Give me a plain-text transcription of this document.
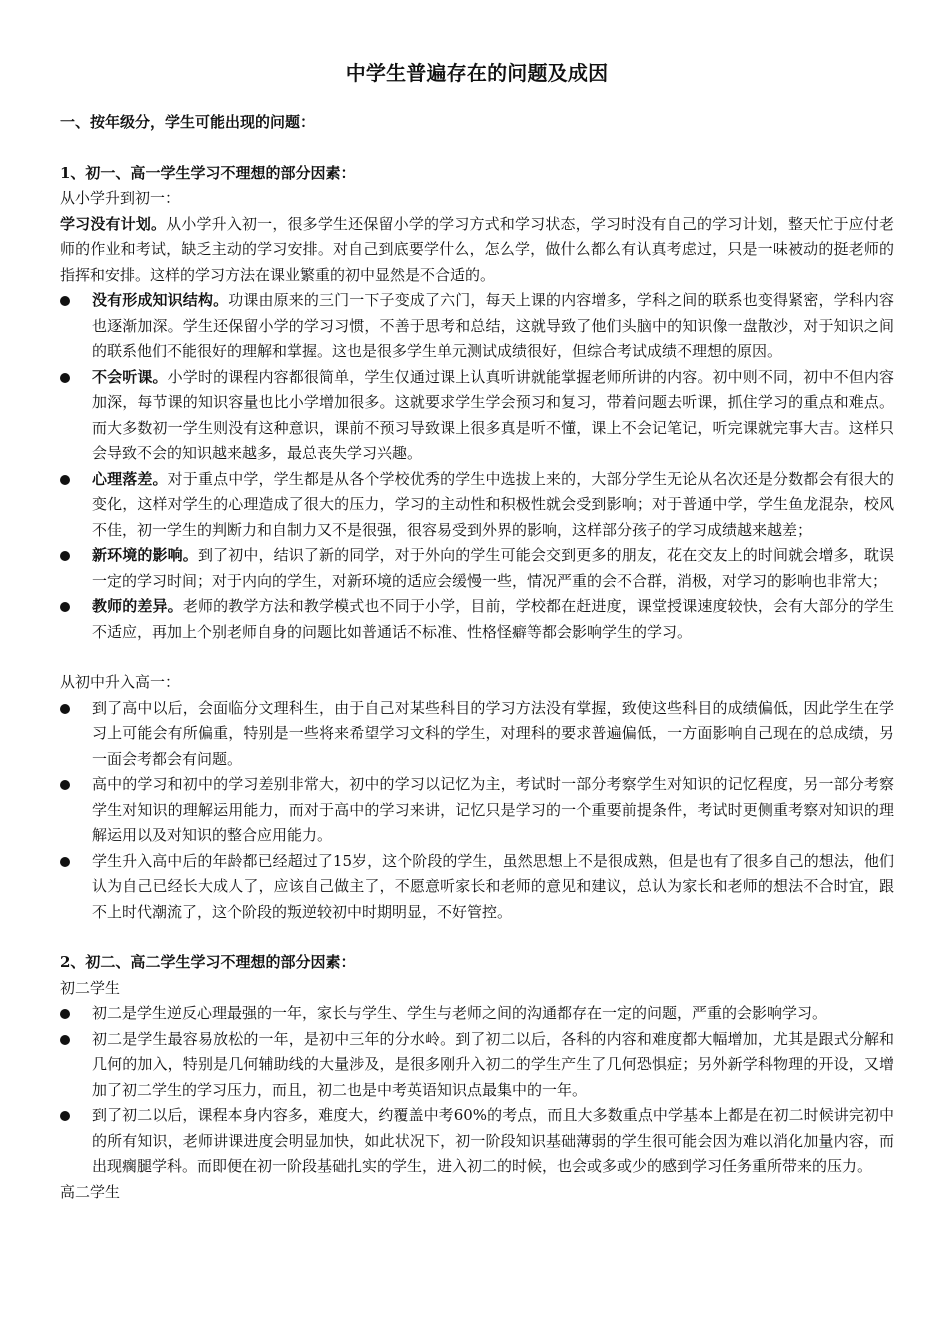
中学生普遍存在的问题及成因

一、按年级分，学生可能出现的问题：

1、初一、高一学生学习不理想的部分因素：

从小学升到初一：

学习没有计划。从小学升入初一，很多学生还保留小学的学习方式和学习状态，学习时没有自己的学习计划，整天忙于应付老师的作业和考试，缺乏主动的学习安排。对自己到底要学什么，怎么学，做什么都么有认真考虑过，只是一味被动的挺老师的指挥和安排。这样的学习方法在课业繁重的初中显然是不合适的。

没有形成知识结构。功课由原来的三门一下子变成了六门，每天上课的内容增多，学科之间的联系也变得紧密，学科内容也逐渐加深。学生还保留小学的学习习惯，不善于思考和总结，这就导致了他们头脑中的知识像一盘散沙，对于知识之间的联系他们不能很好的理解和掌握。这也是很多学生单元测试成绩很好，但综合考试成绩不理想的原因。
不会听课。小学时的课程内容都很简单，学生仅通过课上认真听讲就能掌握老师所讲的内容。初中则不同，初中不但内容加深，每节课的知识容量也比小学增加很多。这就要求学生学会预习和复习，带着问题去听课，抓住学习的重点和难点。而大多数初一学生则没有这种意识，课前不预习导致课上很多真是听不懂，课上不会记笔记，听完课就完事大吉。这样只会导致不会的知识越来越多，最总丧失学习兴趣。
心理落差。对于重点中学，学生都是从各个学校优秀的学生中选拔上来的，大部分学生无论从名次还是分数都会有很大的变化，这样对学生的心理造成了很大的压力，学习的主动性和积极性就会受到影响；对于普通中学，学生鱼龙混杂，校风不佳，初一学生的判断力和自制力又不是很强，很容易受到外界的影响，这样部分孩子的学习成绩越来越差；
新环境的影响。到了初中，结识了新的同学，对于外向的学生可能会交到更多的朋友，花在交友上的时间就会增多，耽误一定的学习时间；对于内向的学生，对新环境的适应会缓慢一些，情况严重的会不合群，消极，对学习的影响也非常大；
教师的差异。老师的教学方法和教学模式也不同于小学，目前，学校都在赶进度，课堂授课速度较快，会有大部分的学生不适应，再加上个别老师自身的问题比如普通话不标准、性格怪癖等都会影响学生的学习。

从初中升入高一：

到了高中以后，会面临分文理科生，由于自己对某些科目的学习方法没有掌握，致使这些科目的成绩偏低，因此学生在学习上可能会有所偏重，特别是一些将来希望学习文科的学生，对理科的要求普遍偏低，一方面影响自己现在的总成绩，另一面会考都会有问题。
高中的学习和初中的学习差别非常大，初中的学习以记忆为主，考试时一部分考察学生对知识的记忆程度，另一部分考察学生对知识的理解运用能力，而对于高中的学习来讲，记忆只是学习的一个重要前提条件，考试时更侧重考察对知识的理解运用以及对知识的整合应用能力。
学生升入高中后的年龄都已经超过了15岁，这个阶段的学生，虽然思想上不是很成熟，但是也有了很多自己的想法，他们认为自己已经长大成人了，应该自己做主了，不愿意听家长和老师的意见和建议，总认为家长和老师的想法不合时宜，跟不上时代潮流了，这个阶段的叛逆较初中时期明显，不好管控。

2、初二、高二学生学习不理想的部分因素：

初二学生

初二是学生逆反心理最强的一年，家长与学生、学生与老师之间的沟通都存在一定的问题，严重的会影响学习。
初二是学生最容易放松的一年，是初中三年的分水岭。到了初二以后，各科的内容和难度都大幅增加，尤其是跟式分解和几何的加入，特别是几何辅助线的大量涉及，是很多刚升入初二的学生产生了几何恐惧症；另外新学科物理的开设，又增加了初二学生的学习压力，而且，初二也是中考英语知识点最集中的一年。
到了初二以后，课程本身内容多，难度大，约覆盖中考60%的考点，而且大多数重点中学基本上都是在初二时候讲完初中的所有知识，老师讲课进度会明显加快，如此状况下，初一阶段知识基础薄弱的学生很可能会因为难以消化加量内容，而出现瘸腿学科。而即便在初一阶段基础扎实的学生，进入初二的时候，也会或多或少的感到学习任务重所带来的压力。

高二学生
